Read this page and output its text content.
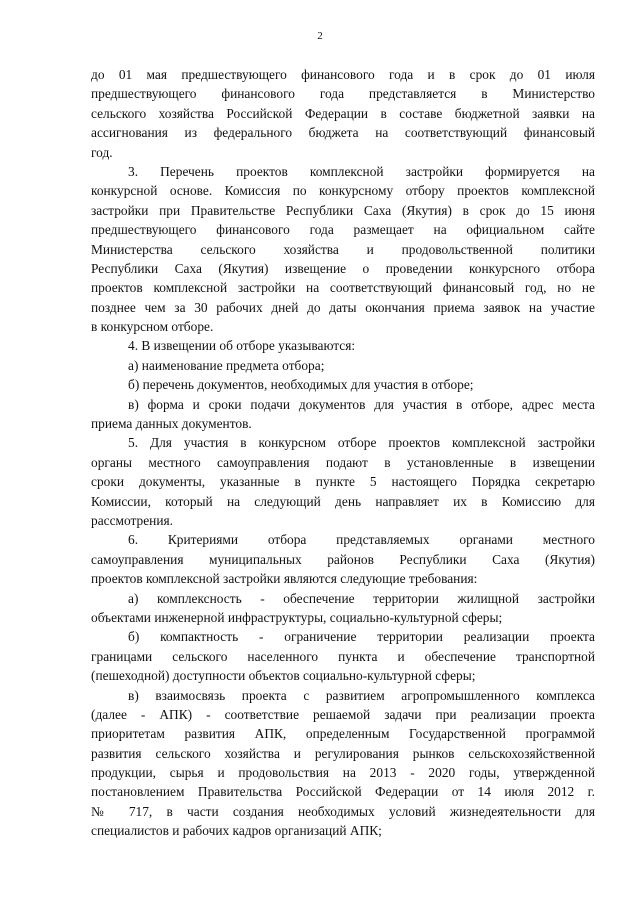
2
до 01 мая предшествующего финансового года и в срок до 01 июля
предшествующего финансового года представляется в Министерство
сельского хозяйства Российской Федерации в составе бюджетной заявки на
ассигнования из федерального бюджета на соответствующий финансовый
год.
3. Перечень проектов комплексной застройки формируется на
конкурсной основе. Комиссия по конкурсному отбору проектов комплексной
застройки при Правительстве Республики Саха (Якутия) в срок до 15 июня
предшествующего финансового года размещает на официальном сайте
Министерства сельского хозяйства и продовольственной политики
Республики Саха (Якутия) извещение о проведении конкурсного отбора
проектов комплексной застройки на соответствующий финансовый год, но не
позднее чем за 30 рабочих дней до даты окончания приема заявок на участие
в конкурсном отборе.
4. В извещении об отборе указываются:
а) наименование предмета отбора;
б) перечень документов, необходимых для участия в отборе;
в) форма и сроки подачи документов для участия в отборе, адрес места
приема данных документов.
5. Для участия в конкурсном отборе проектов комплексной застройки
органы местного самоуправления подают в установленные в извещении
сроки документы, указанные в пункте 5 настоящего Порядка секретарю
Комиссии, который на следующий день направляет их в Комиссию для
рассмотрения.
6. Критериями отбора представляемых органами местного
самоуправления муниципальных районов Республики Саха (Якутия)
проектов комплексной застройки являются следующие требования:
а) комплексность - обеспечение территории жилищной застройки
объектами инженерной инфраструктуры, социально-культурной сферы;
б) компактность - ограничение территории реализации проекта
границами сельского населенного пункта и обеспечение транспортной
(пешеходной) доступности объектов социально-культурной сферы;
в) взаимосвязь проекта с развитием агропромышленного комплекса
(далее - АПК) - соответствие решаемой задачи при реализации проекта
приоритетам развития АПК, определенным Государственной программой
развития сельского хозяйства и регулирования рынков сельскохозяйственной
продукции, сырья и продовольствия на 2013 - 2020 годы, утвержденной
постановлением Правительства Российской Федерации от 14 июля 2012 г.
№ 717, в части создания необходимых условий жизнедеятельности для
специалистов и рабочих кадров организаций АПК;
